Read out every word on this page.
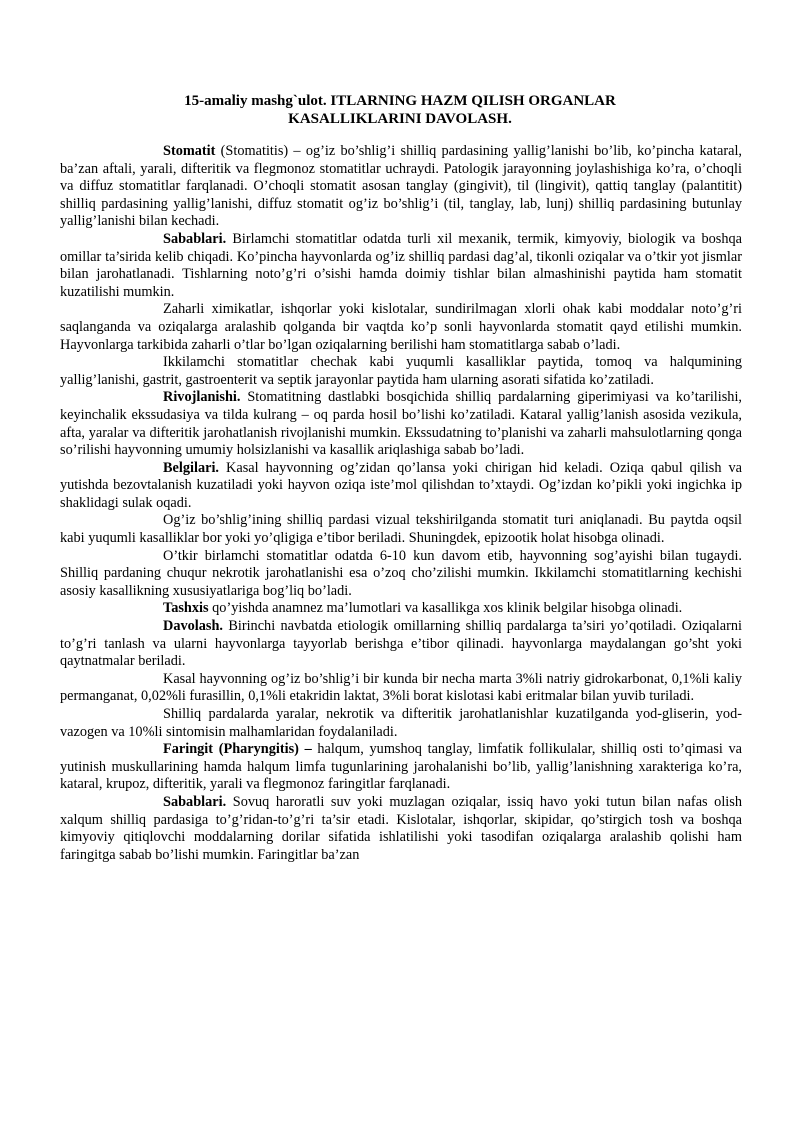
15-amaliy mashg`ulot. ITLARNING HAZM QILISH ORGANLAR
KASALLIKLARINI DAVOLASH.

Stomatit (Stomatitis) – og’iz bo’shlig’i shilliq pardasining yallig’lanishi bo’lib, ko’pincha kataral, ba’zan aftali, yarali, difteritik va flegmonoz stomatitlar uchraydi. Patologik jarayonning joylashishiga ko’ra, o’choqli va diffuz stomatitlar farqlanadi. O’choqli stomatit asosan tanglay (gingivit), til (lingivit), qattiq tanglay (palantitit) shilliq pardasining yallig’lanishi, diffuz stomatit og’iz bo’shlig’i (til, tanglay, lab, lunj) shilliq pardasining butunlay yallig’lanishi bilan kechadi.

Sabablari. Birlamchi stomatitlar odatda turli xil mexanik, termik, kimyoviy, biologik va boshqa omillar ta’sirida kelib chiqadi. Ko’pincha hayvonlarda og’iz shilliq pardasi dag’al, tikonli oziqalar va o’tkir yot jismlar bilan jarohatlanadi. Tishlarning noto’g’ri o’sishi hamda doimiy tishlar bilan almashinishi paytida ham stomatit kuzatilishi mumkin.

Zaharli ximikatlar, ishqorlar yoki kislotalar, sundirilmagan xlorli ohak kabi moddalar noto’g’ri saqlanganda va oziqalarga aralashib qolganda bir vaqtda ko’p sonli hayvonlarda stomatit qayd etilishi mumkin. Hayvonlarga tarkibida zaharli o’tlar bo’lgan oziqalarning berilishi ham stomatitlarga sabab o’ladi.

Ikkilamchi stomatitlar chechak kabi yuqumli kasalliklar paytida, tomoq va halqumining yallig’lanishi, gastrit, gastroenterit va septik jarayonlar paytida ham ularning asorati sifatida ko’zatiladi.

Rivojlanishi. Stomatitning dastlabki bosqichida shilliq pardalarning giperimiyasi va ko’tarilishi, keyinchalik ekssudasiya va tilda kulrang – oq parda hosil bo’lishi ko’zatiladi. Kataral yallig’lanish asosida vezikula, afta, yaralar va difteritik jarohatlanish rivojlanishi mumkin. Ekssudatning to’planishi va zaharli mahsulotlarning qonga so’rilishi hayvonning umumiy holsizlanishi va kasallik ariqlashiga sabab bo’ladi.

Belgilari. Kasal hayvonning og’zidan qo’lansa yoki chirigan hid keladi. Oziqa qabul qilish va yutishda bezovtalanish kuzatiladi yoki hayvon oziqa iste’mol qilishdan to’xtaydi. Og’izdan ko’pikli yoki ingichka ip shaklidagi sulak oqadi.

Og’iz bo’shlig’ining shilliq pardasi vizual tekshirilganda stomatit turi aniqlanadi. Bu paytda oqsil kabi yuqumli kasalliklar bor yoki yo’qligiga e’tibor beriladi. Shuningdek, epizootik holat hisobga olinadi.

O’tkir birlamchi stomatitlar odatda 6-10 kun davom etib, hayvonning sog’ayishi bilan tugaydi. Shilliq pardaning chuqur nekrotik jarohatlanishi esa o’zoq cho’zilishi mumkin. Ikkilamchi stomatitlarning kechishi asosiy kasallikning xususiyatlariga bog’liq bo’ladi.

Tashxis qo’yishda anamnez ma’lumotlari va kasallikga xos klinik belgilar hisobga olinadi.

Davolash. Birinchi navbatda etiologik omillarning shilliq pardalarga ta’siri yo’qotiladi. Oziqalarni to’g’ri tanlash va ularni hayvonlarga tayyorlab berishga e’tibor qilinadi. hayvonlarga maydalangan go’sht yoki qaytnatmalar beriladi.

Kasal hayvonning og’iz bo’shlig’i bir kunda bir necha marta 3%li natriy gidrokarbonat, 0,1%li kaliy permanganat, 0,02%li furasillin, 0,1%li etakridin laktat, 3%li borat kislotasi kabi eritmalar bilan yuvib turiladi.

Shilliq pardalarda yaralar, nekrotik va difteritik jarohatlanishlar kuzatilganda yod-gliserin, yod-vazogen va 10%li sintomisin malhamlaridan foydalaniladi.

Faringit (Pharyngitis) – halqum, yumshoq tanglay, limfatik follikulalar, shilliq osti to’qimasi va yutinish muskullarining hamda halqum limfa tugunlarining jarohalanishi bo’lib, yallig’lanishning xarakteriga ko’ra, kataral, krupoz, difteritik, yarali va flegmonoz faringitlar farqlanadi.

Sabablari. Sovuq haroratli suv yoki muzlagan oziqalar, issiq havo yoki tutun bilan nafas olish xalqum shilliq pardasiga to’g’ridan-to’g’ri ta’sir etadi. Kislotalar, ishqorlar, skipidar, qo’stirgich tosh va boshqa kimyoviy qitiqlovchi moddalarning dorilar sifatida ishlatilishi yoki tasodifan oziqalarga aralashib qolishi ham faringitga sabab bo’lishi mumkin. Faringitlar ba’zan
